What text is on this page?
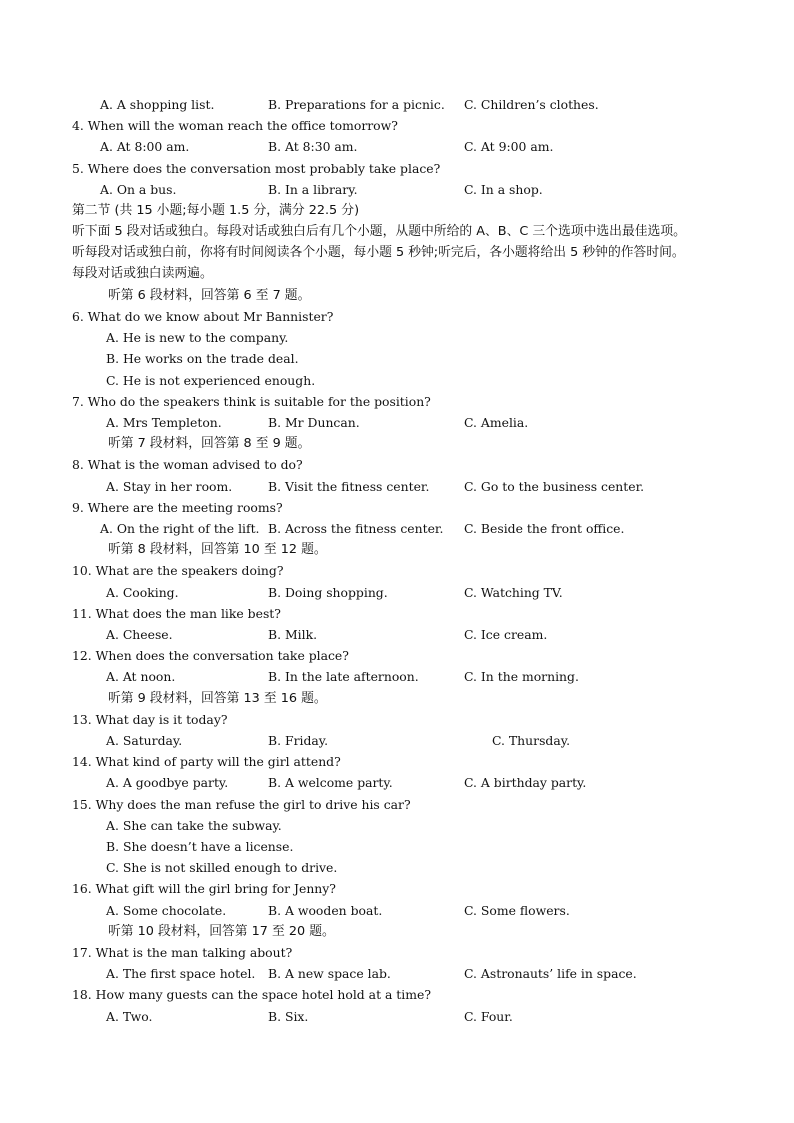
A. A shopping list.	B. Preparations for a picnic. C. Children’s clothes.
4. When will the woman reach the office tomorrow?
A. At 8:00 am.	B. At 8:30 am.	C. At 9:00 am.
5. Where does the conversation most probably take place?
A. On a bus.	B. In a library.	C. In a shop.
第二节 (共 15 小题;每小题 1.5 分，满分 22.5 分)
听下面 5 段对话或独白。每段对话或独白后有几个小题，从题中所给的 A、B、C 三个选项中选出最佳选项。
听每段对话或独白前，你将有时间阅读各个小题，每小题 5 秒钟;听完后，各小题将给出 5 秒钟的作答时间。
每段对话或独白读两遍。
听第 6 段材料，回答第 6 至 7 题。
6. What do we know about Mr Bannister?
A. He is new to the company.
B. He works on the trade deal.
C. He is not experienced enough.
7. Who do the speakers think is suitable for the position?
A. Mrs Templeton.	B. Mr Duncan.	C. Amelia.
听第 7 段材料，回答第 8 至 9 题。
8. What is the woman advised to do?
A. Stay in her room.	B. Visit the fitness center.	C. Go to the business center.
9. Where are the meeting rooms?
A. On the right of the lift. B. Across the fitness center. C. Beside the front office.
听第 8 段材料，回答第 10 至 12 题。
10. What are the speakers doing?
A. Cooking.	B. Doing shopping.	C. Watching TV.
11. What does the man like best?
A. Cheese.	B. Milk.	C. Ice cream.
12. When does the conversation take place?
A. At noon.	B. In the late afternoon.	C. In the morning.
听第 9 段材料，回答第 13 至 16 题。
13. What day is it today?
A. Saturday.	B. Friday.	C. Thursday.
14. What kind of party will the girl attend?
A. A goodbye party.	B. A welcome party.	C. A birthday party.
15. Why does the man refuse the girl to drive his car?
A. She can take the subway.
B. She doesn’t have a license.
C. She is not skilled enough to drive.
16. What gift will the girl bring for Jenny?
A. Some chocolate.	B. A wooden boat.	C. Some flowers.
听第 10 段材料，回答第 17 至 20 题。
17. What is the man talking about?
A. The first space hotel. B. A new space lab.	C. Astronauts’ life in space.
18. How many guests can the space hotel hold at a time?
A. Two.	B. Six.	C. Four.
